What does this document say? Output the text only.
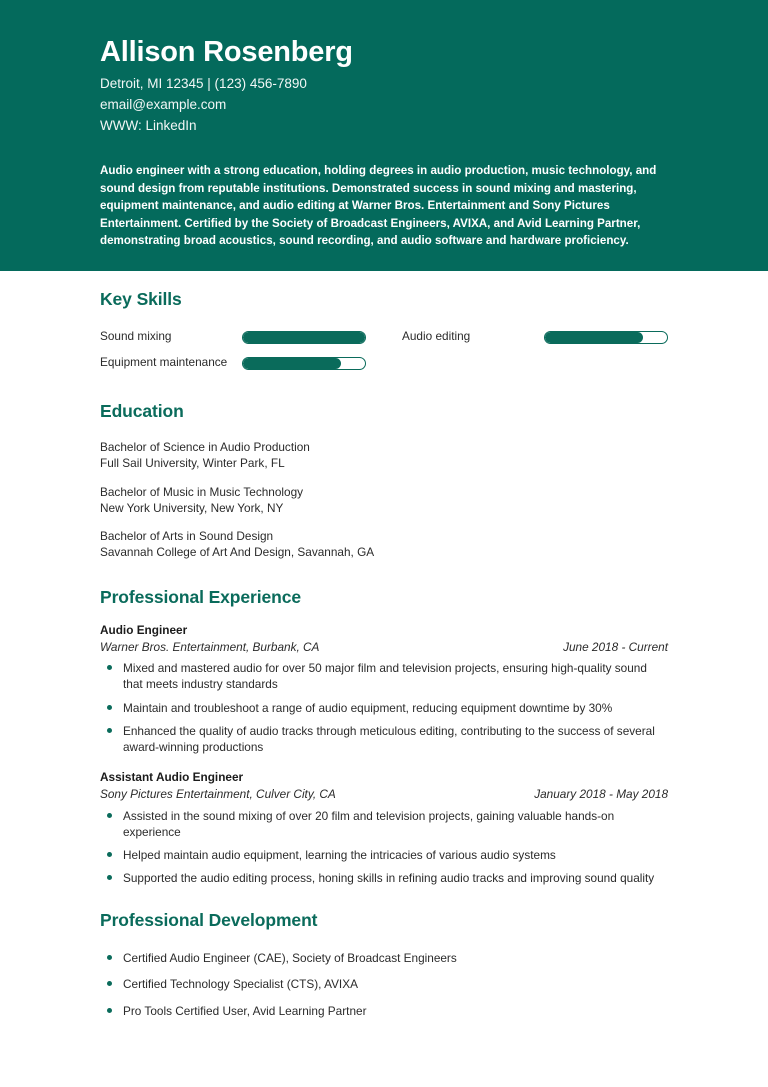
Allison Rosenberg
Detroit, MI 12345 | (123) 456-7890
email@example.com
WWW: LinkedIn

Audio engineer with a strong education, holding degrees in audio production, music technology, and sound design from reputable institutions. Demonstrated success in sound mixing and mastering, equipment maintenance, and audio editing at Warner Bros. Entertainment and Sony Pictures Entertainment. Certified by the Society of Broadcast Engineers, AVIXA, and Avid Learning Partner, demonstrating broad acoustics, sound recording, and audio software and hardware proficiency.

Key Skills
Sound mixing	Audio editing
Equipment maintenance
Education
Bachelor of Science in Audio Production
Full Sail University, Winter Park, FL
Bachelor of Music in Music Technology
New York University, New York, NY
Bachelor of Arts in Sound Design
Savannah College of Art And Design, Savannah, GA
Professional Experience
Audio Engineer
Warner Bros. Entertainment, Burbank, CA	June 2018 - Current
Mixed and mastered audio for over 50 major film and television projects, ensuring high-quality sound that meets industry standards
Maintain and troubleshoot a range of audio equipment, reducing equipment downtime by 30%
Enhanced the quality of audio tracks through meticulous editing, contributing to the success of several award-winning productions
Assistant Audio Engineer
Sony Pictures Entertainment, Culver City, CA	January 2018 - May 2018
Assisted in the sound mixing of over 20 film and television projects, gaining valuable hands-on experience
Helped maintain audio equipment, learning the intricacies of various audio systems
Supported the audio editing process, honing skills in refining audio tracks and improving sound quality
Professional Development
Certified Audio Engineer (CAE), Society of Broadcast Engineers
Certified Technology Specialist (CTS), AVIXA
Pro Tools Certified User, Avid Learning Partner
